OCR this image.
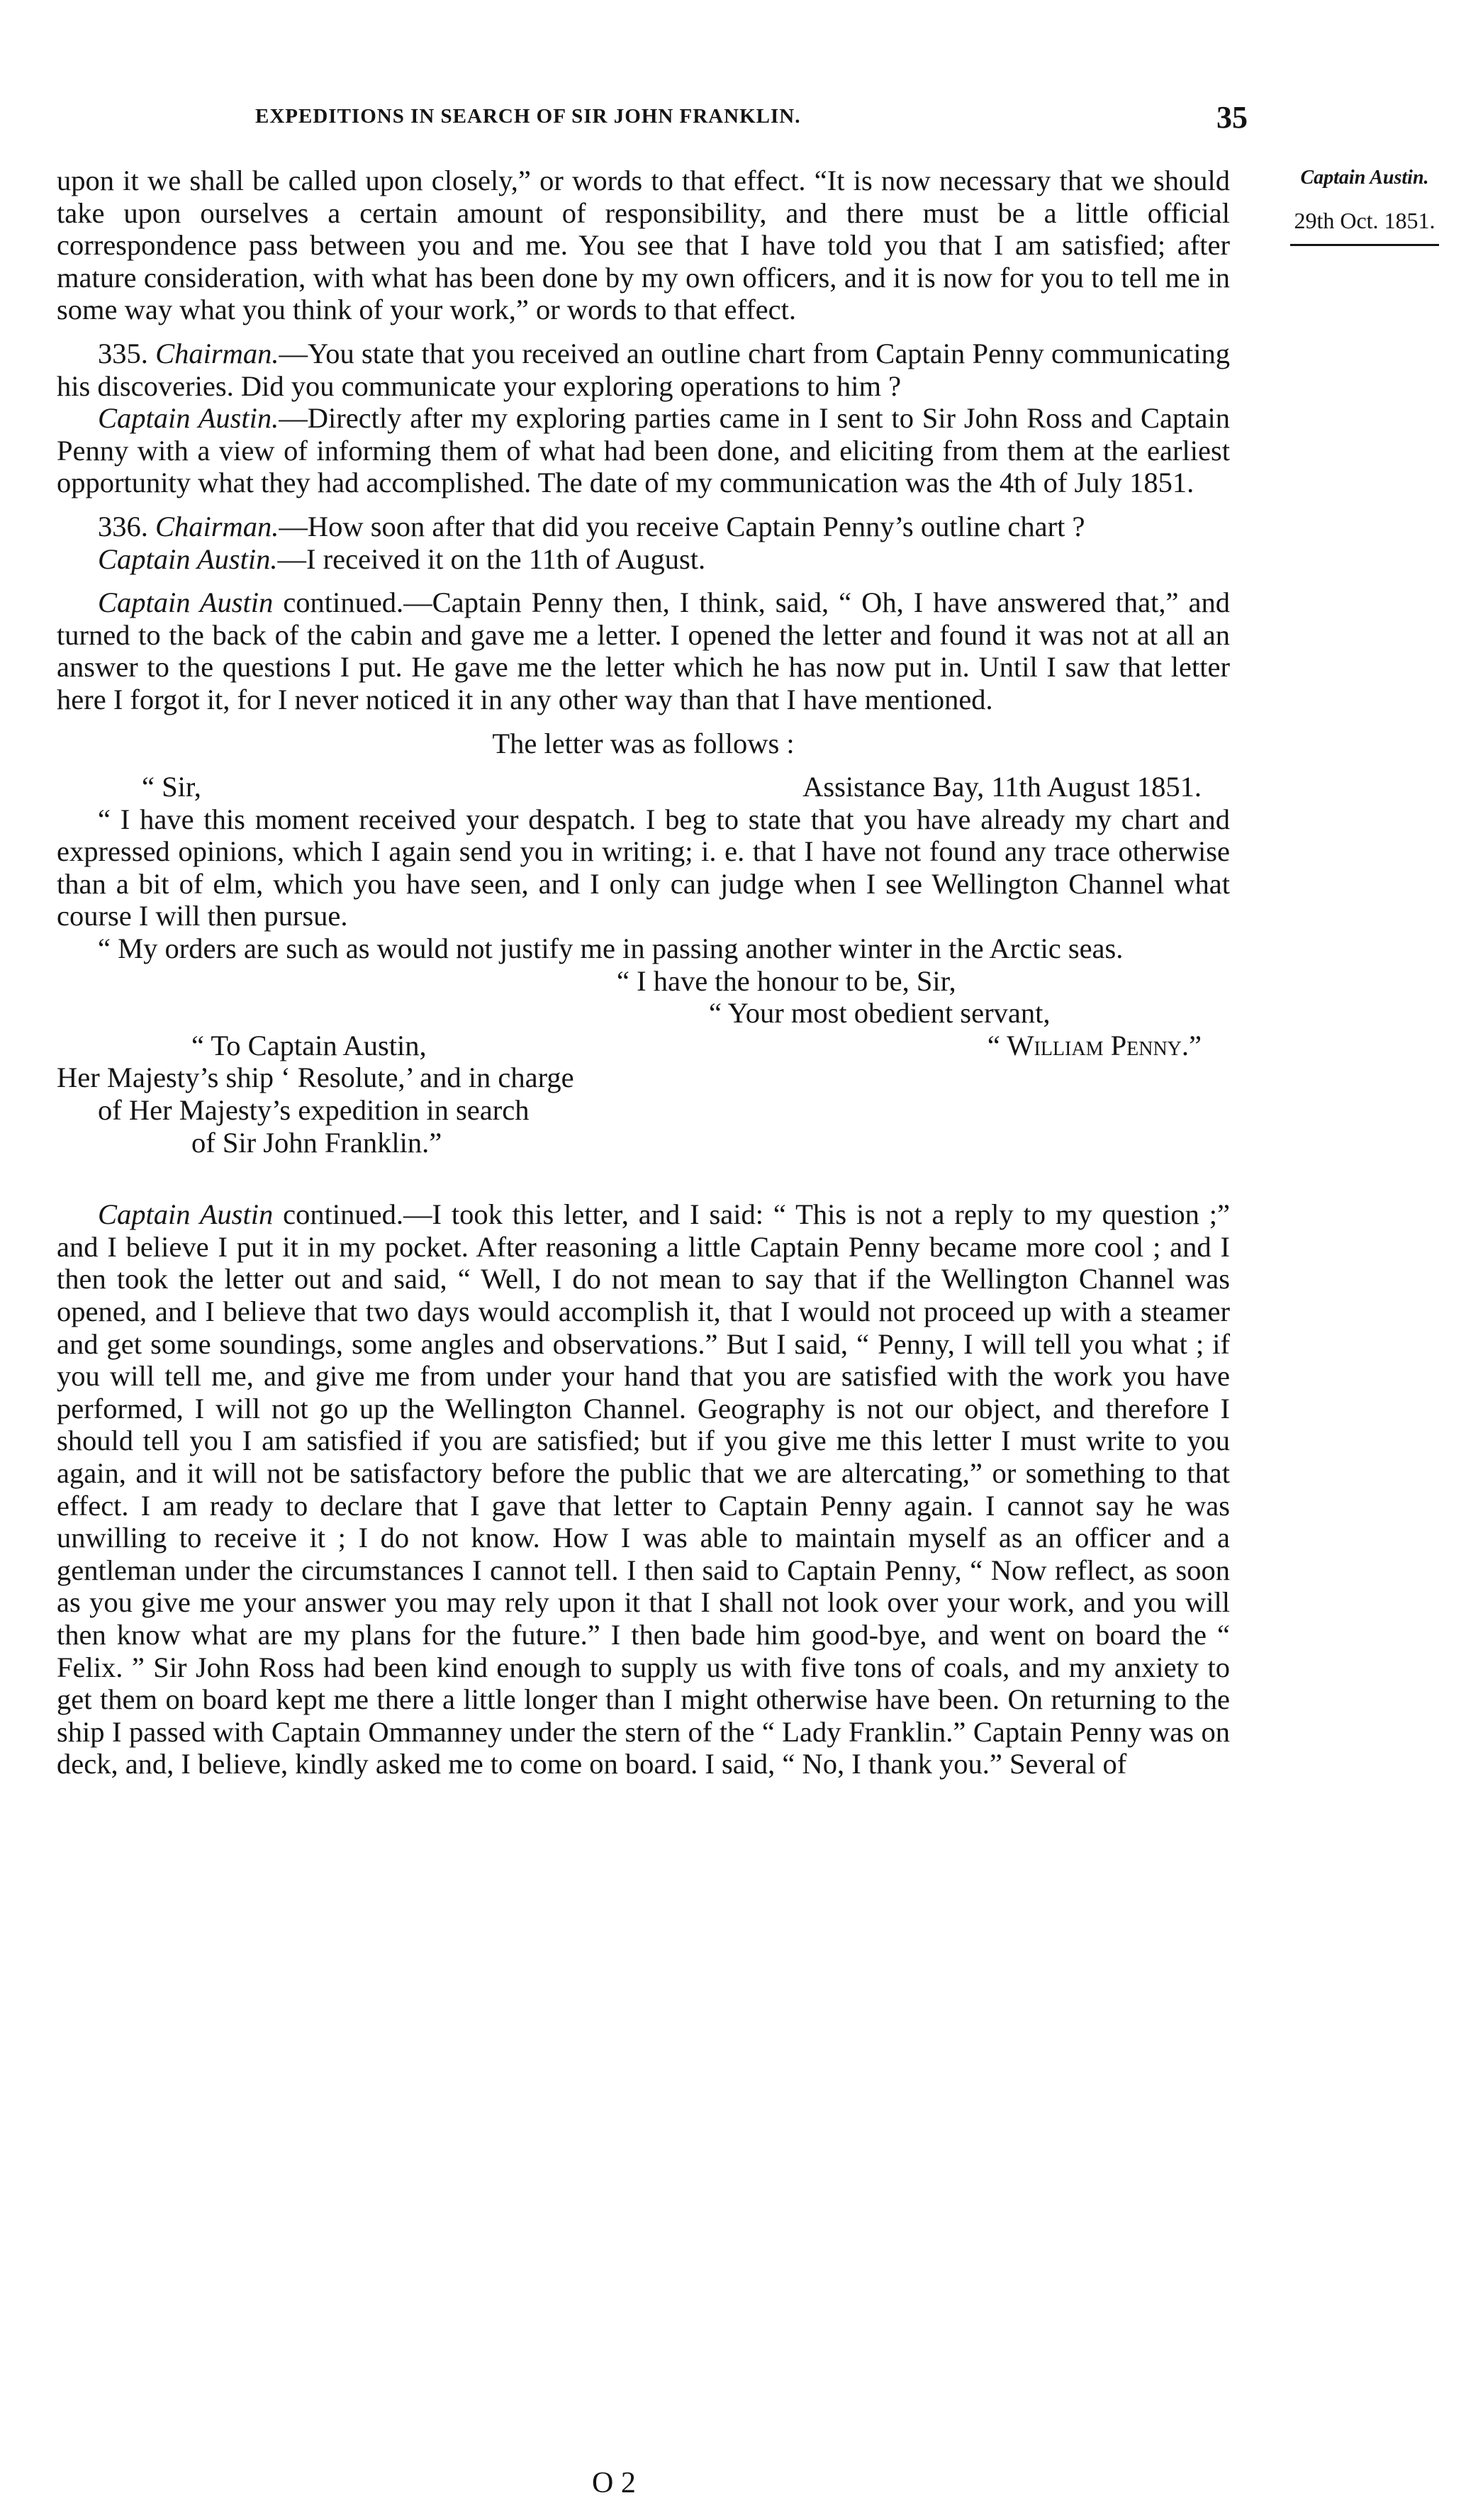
EXPEDITIONS IN SEARCH OF SIR JOHN FRANKLIN.	35
Captain Austin.
29th Oct. 1851.

upon it we shall be called upon closely,” or words to that effect. “It is now necessary that we should take upon ourselves a certain amount of responsibility, and there must be a little official correspondence pass between you and me. You see that I have told you that I am satisfied; after mature consideration, with what has been done by my own officers, and it is now for you to tell me in some way what you think of your work,” or words to that effect.

335. Chairman.—You state that you received an outline chart from Captain Penny communicating his discoveries. Did you communicate your exploring operations to him ?

Captain Austin.—Directly after my exploring parties came in I sent to Sir John Ross and Captain Penny with a view of informing them of what had been done, and eliciting from them at the earliest opportunity what they had accomplished. The date of my communication was the 4th of July 1851.

336. Chairman.—How soon after that did you receive Captain Penny’s outline chart ?

Captain Austin.—I received it on the 11th of August.

Captain Austin continued.—Captain Penny then, I think, said, “ Oh, I have answered that,” and turned to the back of the cabin and gave me a letter. I opened the letter and found it was not at all an answer to the questions I put. He gave me the letter which he has now put in. Until I saw that letter here I forgot it, for I never noticed it in any other way than that I have mentioned.

The letter was as follows :

“ Sir,	Assistance Bay, 11th August 1851.

“ I have this moment received your despatch. I beg to state that you have already my chart and expressed opinions, which I again send you in writing; i. e. that I have not found any trace otherwise than a bit of elm, which you have seen, and I only can judge when I see Wellington Channel what course I will then pursue.

“ My orders are such as would not justify me in passing another winter in the Arctic seas.

“ I have the honour to be, Sir,

“ Your most obedient servant,

“ To Captain Austin,	“ William Penny.”

Her Majesty’s ship ‘ Resolute,’ and in charge

of Her Majesty’s expedition in search

of Sir John Franklin.”

Captain Austin continued.—I took this letter, and I said: “ This is not a reply to my question ;” and I believe I put it in my pocket. After reasoning a little Captain Penny became more cool ; and I then took the letter out and said, “ Well, I do not mean to say that if the Wellington Channel was opened, and I believe that two days would accomplish it, that I would not proceed up with a steamer and get some soundings, some angles and observations.” But I said, “ Penny, I will tell you what ; if you will tell me, and give me from under your hand that you are satisfied with the work you have performed, I will not go up the Wellington Channel. Geography is not our object, and therefore I should tell you I am satisfied if you are satisfied; but if you give me this letter I must write to you again, and it will not be satisfactory before the public that we are altercating,” or something to that effect. I am ready to declare that I gave that letter to Captain Penny again. I cannot say he was unwilling to receive it ; I do not know. How I was able to maintain myself as an officer and a gentleman under the circumstances I cannot tell. I then said to Captain Penny, “ Now reflect, as soon as you give me your answer you may rely upon it that I shall not look over your work, and you will then know what are my plans for the future.” I then bade him good-bye, and went on board the “ Felix. ” Sir John Ross had been kind enough to supply us with five tons of coals, and my anxiety to get them on board kept me there a little longer than I might otherwise have been. On returning to the ship I passed with Captain Ommanney under the stern of the “ Lady Franklin.” Captain Penny was on deck, and, I believe, kindly asked me to come on board. I said, “ No, I thank you.” Several of

O 2
